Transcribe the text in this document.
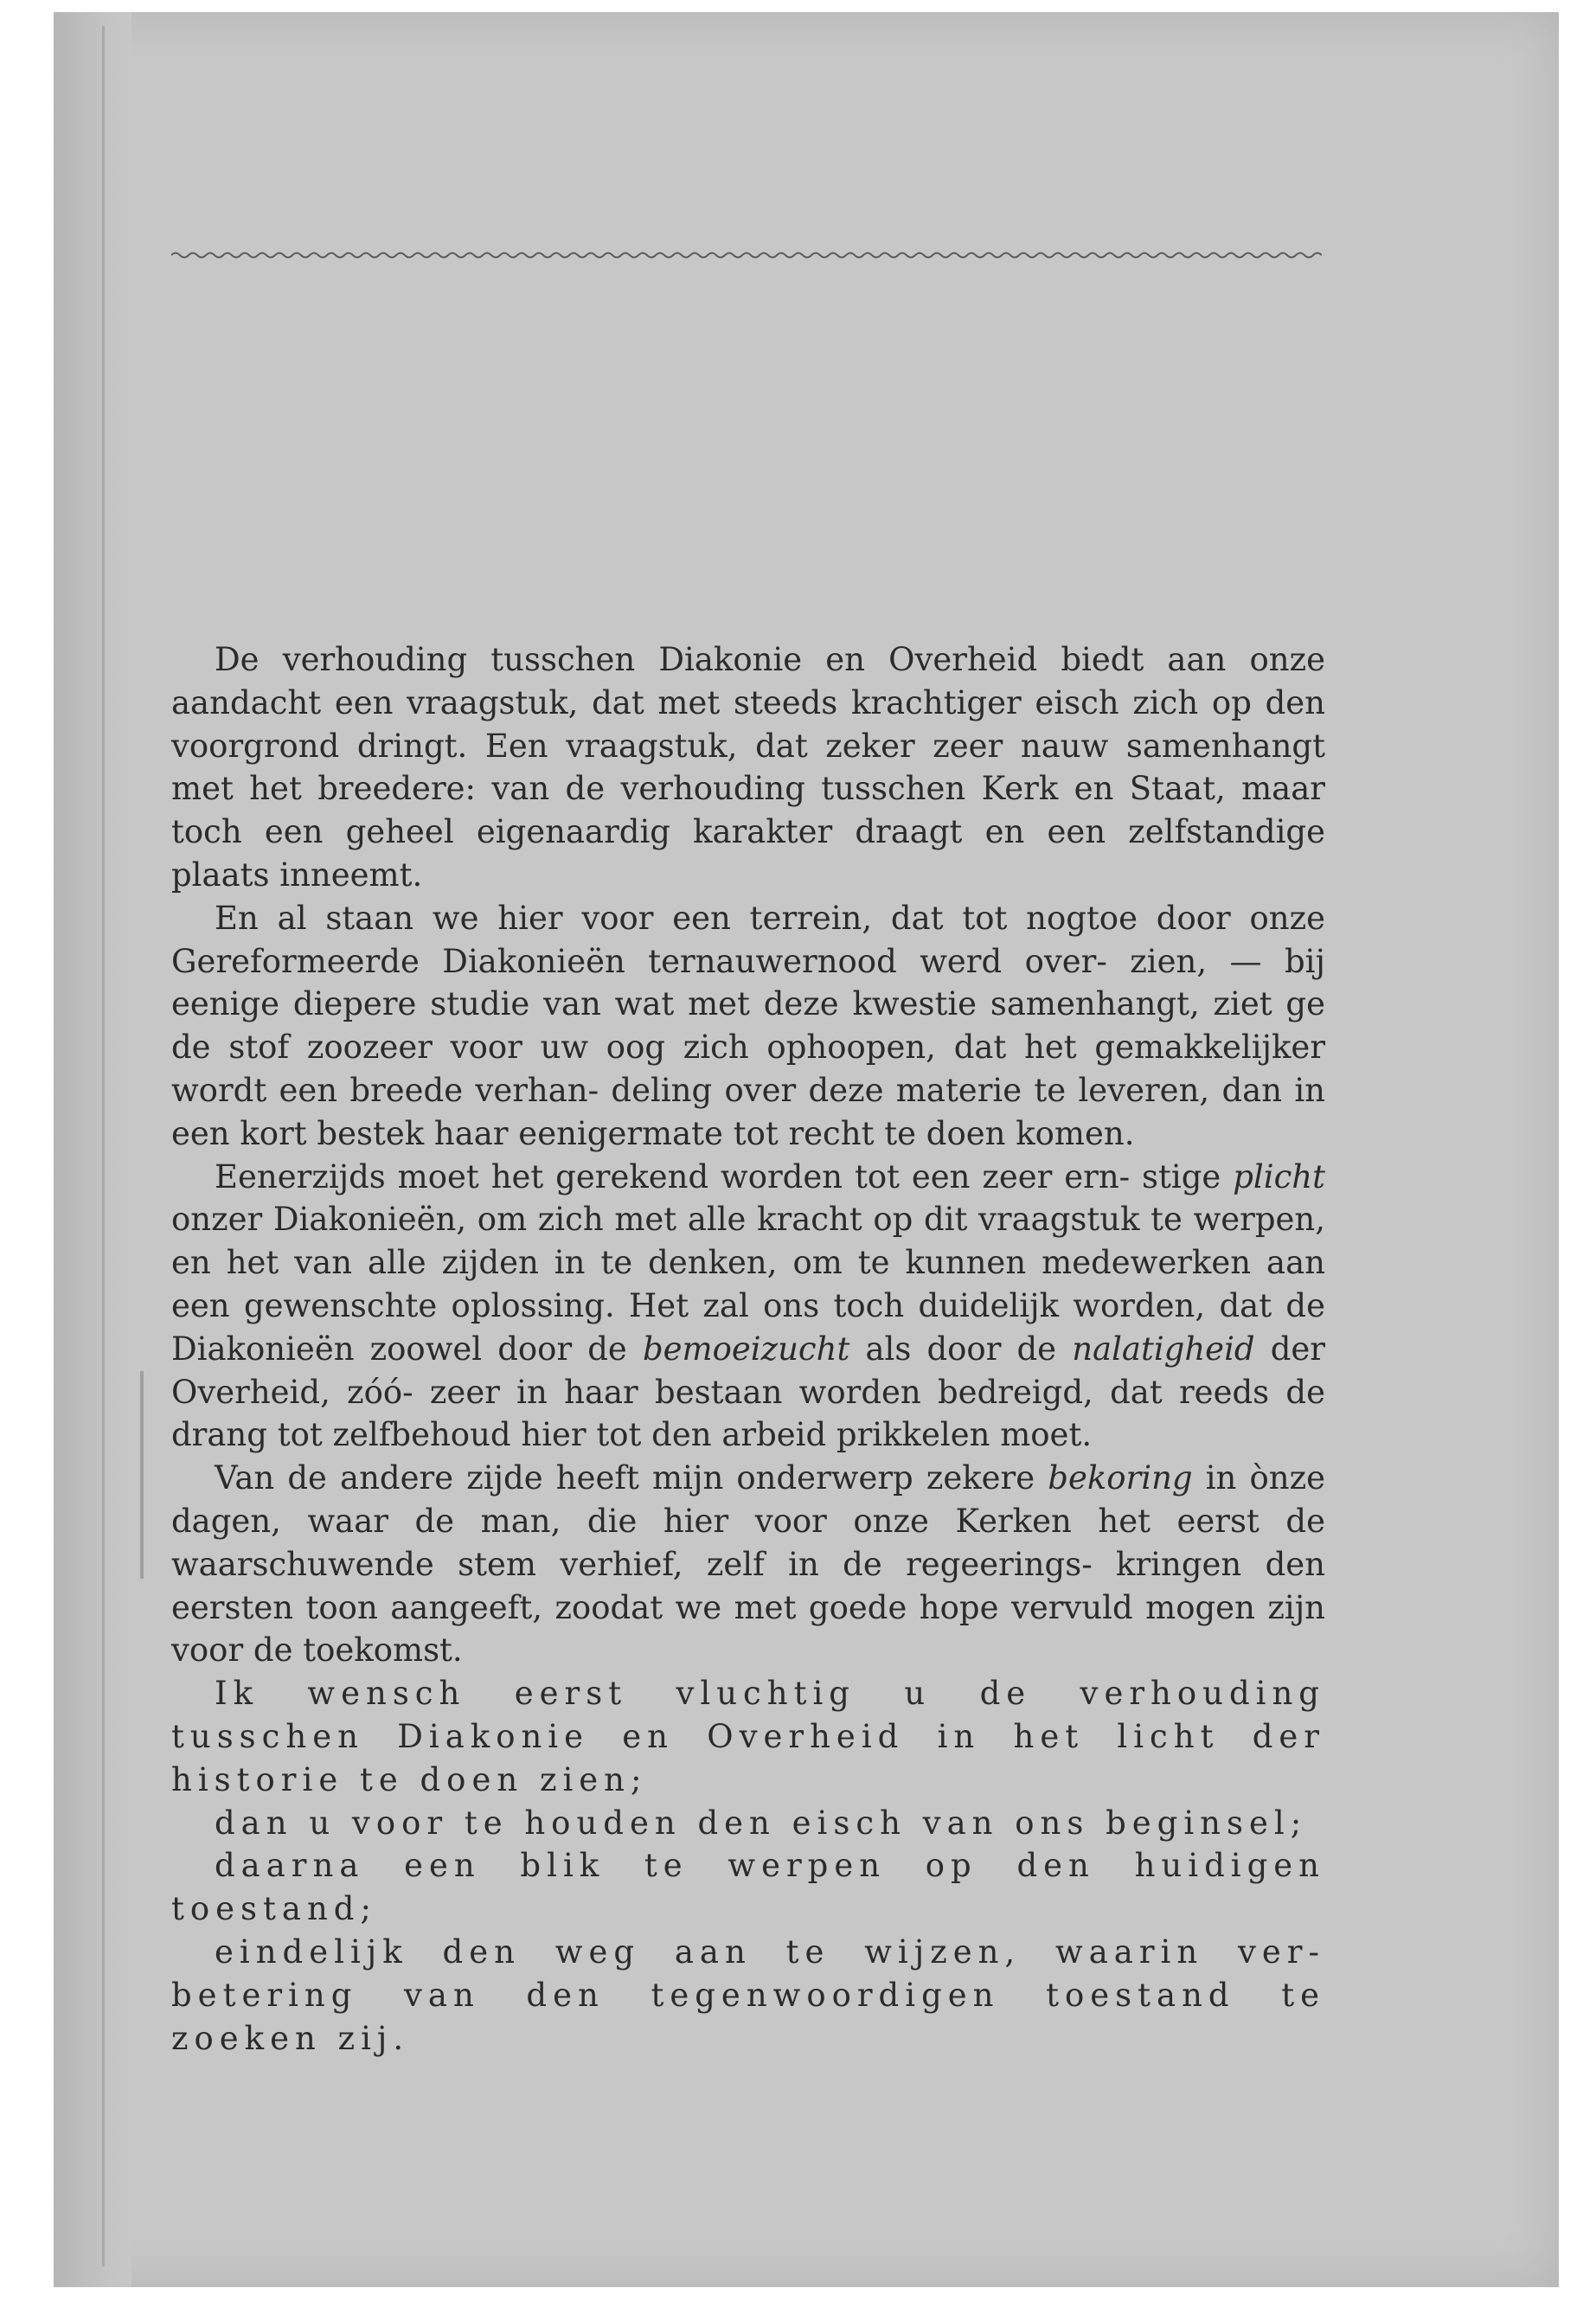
De verhouding tusschen Diakonie en Overheid biedt aan onze aandacht een vraagstuk, dat met steeds krachtiger eisch zich op den voorgrond dringt. Een vraagstuk, dat zeker zeer nauw samenhangt met het breedere: van de verhouding tusschen Kerk en Staat, maar toch een geheel eigenaardig karakter draagt en een zelfstandige plaats inneemt.

En al staan we hier voor een terrein, dat tot nogtoe door onze Gereformeerde Diakonieën ternauwernood werd over- zien, — bij eenige diepere studie van wat met deze kwestie samenhangt, ziet ge de stof zoozeer voor uw oog zich ophoopen, dat het gemakkelijker wordt een breede verhan- deling over deze materie te leveren, dan in een kort bestek haar eenigermate tot recht te doen komen.

Eenerzijds moet het gerekend worden tot een zeer ern- stige plicht onzer Diakonieën, om zich met alle kracht op dit vraagstuk te werpen, en het van alle zijden in te denken, om te kunnen medewerken aan een gewenschte oplossing. Het zal ons toch duidelijk worden, dat de Diakonieën zoowel door de bemoeizucht als door de nalatigheid der Overheid, zóó- zeer in haar bestaan worden bedreigd, dat reeds de drang tot zelfbehoud hier tot den arbeid prikkelen moet.

Van de andere zijde heeft mijn onderwerp zekere bekoring in ònze dagen, waar de man, die hier voor onze Kerken het eerst de waarschuwende stem verhief, zelf in de regeerings- kringen den eersten toon aangeeft, zoodat we met goede hope vervuld mogen zijn voor de toekomst.

Ik wensch eerst vluchtig u de verhouding tusschen Diakonie en Overheid in het licht der historie te doen zien;

dan u voor te houden den eisch van ons beginsel;

daarna een blik te werpen op den huidigen toestand;

eindelijk den weg aan te wijzen, waarin ver- betering van den tegenwoordigen toestand te zoeken zij.
